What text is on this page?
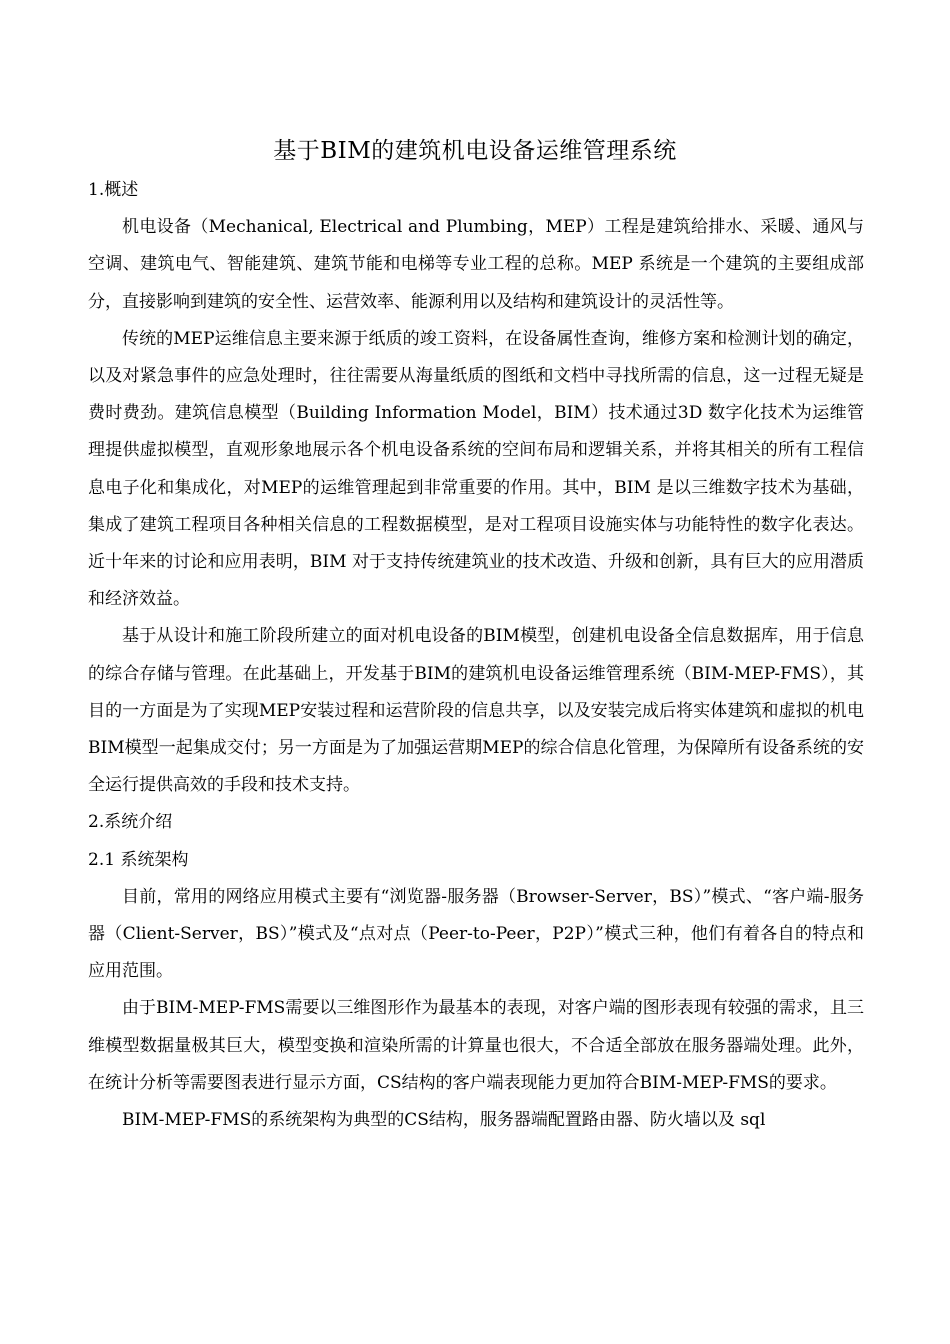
基于BIM的建筑机电设备运维管理系统
1.概述

机电设备（Mechanical, Electrical and Plumbing，MEP）工程是建筑给排水、采暖、通风与空调、建筑电气、智能建筑、建筑节能和电梯等专业工程的总称。MEP 系统是一个建筑的主要组成部分，直接影响到建筑的安全性、运营效率、能源利用以及结构和建筑设计的灵活性等。

传统的MEP运维信息主要来源于纸质的竣工资料，在设备属性查询，维修方案和检测计划的确定，以及对紧急事件的应急处理时，往往需要从海量纸质的图纸和文档中寻找所需的信息，这一过程无疑是费时费劲。建筑信息模型（Building Information Model，BIM）技术通过3D 数字化技术为运维管理提供虚拟模型，直观形象地展示各个机电设备系统的空间布局和逻辑关系，并将其相关的所有工程信息电子化和集成化，对MEP的运维管理起到非常重要的作用。其中，BIM 是以三维数字技术为基础，集成了建筑工程项目各种相关信息的工程数据模型，是对工程项目设施实体与功能特性的数字化表达。近十年来的讨论和应用表明，BIM 对于支持传统建筑业的技术改造、升级和创新，具有巨大的应用潜质和经济效益。

基于从设计和施工阶段所建立的面对机电设备的BIM模型，创建机电设备全信息数据库，用于信息的综合存储与管理。在此基础上，开发基于BIM的建筑机电设备运维管理系统（BIM-MEP-FMS），其目的一方面是为了实现MEP安装过程和运营阶段的信息共享，以及安装完成后将实体建筑和虚拟的机电BIM模型一起集成交付；另一方面是为了加强运营期MEP的综合信息化管理，为保障所有设备系统的安全运行提供高效的手段和技术支持。

2.系统介绍
2.1 系统架构

目前，常用的网络应用模式主要有“浏览器-服务器（Browser-Server，BS）”模式、“客户端-服务器（Client-Server，BS）”模式及“点对点（Peer-to-Peer，P2P）”模式三种，他们有着各自的特点和应用范围。

由于BIM-MEP-FMS需要以三维图形作为最基本的表现，对客户端的图形表现有较强的需求，且三维模型数据量极其巨大，模型变换和渲染所需的计算量也很大，不合适全部放在服务器端处理。此外，在统计分析等需要图表进行显示方面，CS结构的客户端表现能力更加符合BIM-MEP-FMS的要求。

BIM-MEP-FMS的系统架构为典型的CS结构，服务器端配置路由器、防火墙以及 sql
